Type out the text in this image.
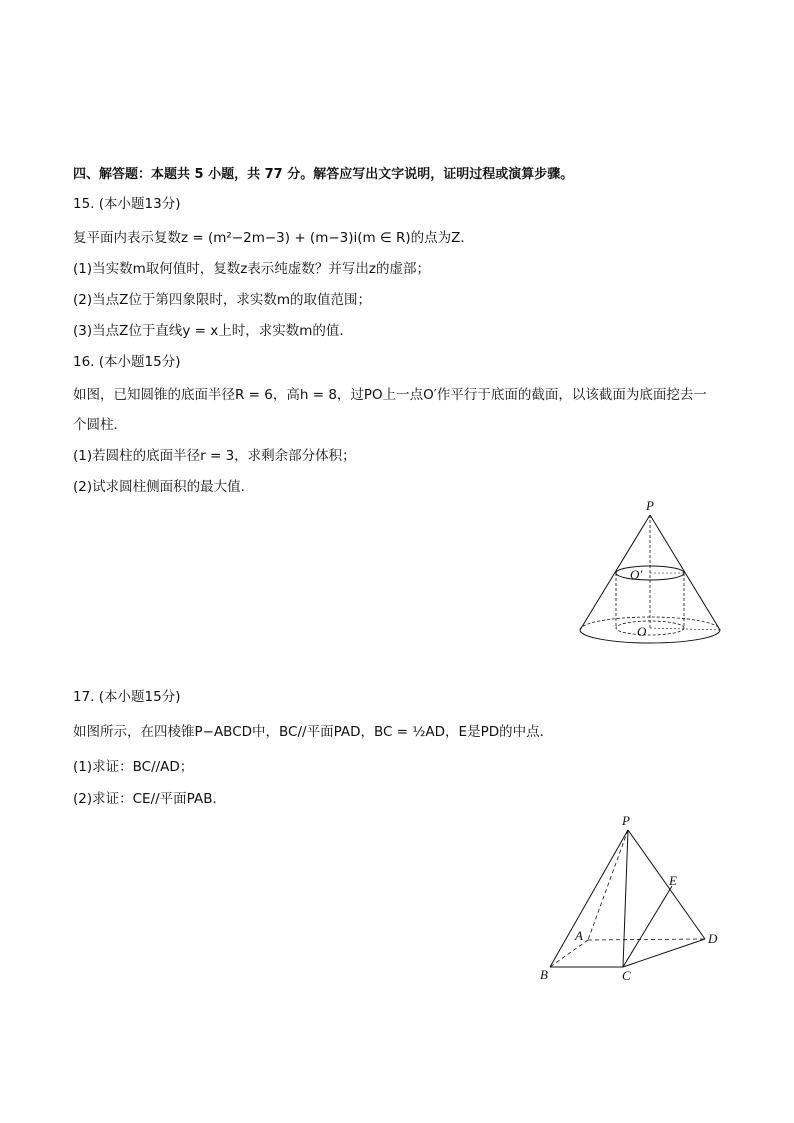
四、解答题：本题共 5 小题，共 77 分。解答应写出文字说明，证明过程或演算步骤。
15. (本小题13分)
复平面内表示复数z = (m²−2m−3) + (m−3)i(m ∈ R)的点为Z．
(1)当实数m取何值时，复数z表示纯虚数？并写出z的虚部；
(2)当点Z位于第四象限时，求实数m的取值范围；
(3)当点Z位于直线y = x上时，求实数m的值．
16. (本小题15分)
如图，已知圆锥的底面半径R = 6，高h = 8，过PO上一点O′作平行于底面的截面，以该截面为底面挖去一
个圆柱．
(1)若圆柱的底面半径r = 3，求剩余部分体积；
(2)试求圆柱侧面积的最大值．
P
O′
O
17. (本小题15分)
如图所示，在四棱锥P−ABCD中，BC//平面PAD，BC = ½AD，E是PD的中点．
(1)求证：BC//AD；
(2)求证：CE//平面PAB．
P
E
A	D
B	C
